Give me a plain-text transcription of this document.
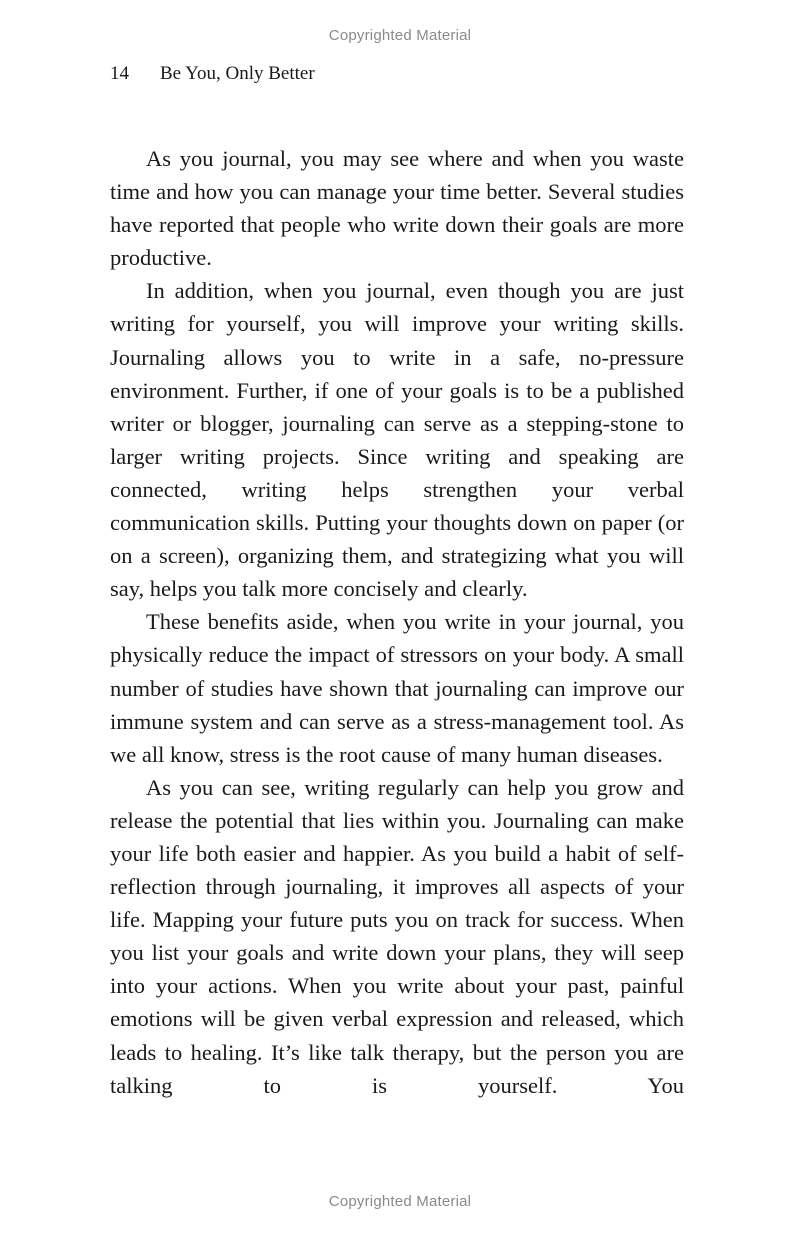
Copyrighted Material
14 Be You, Only Better

As you journal, you may see where and when you waste time and how you can manage your time better. Several studies have reported that people who write down their goals are more productive.

In addition, when you journal, even though you are just writing for yourself, you will improve your writing skills. Journaling allows you to write in a safe, no-pressure environment. Further, if one of your goals is to be a published writer or blogger, journaling can serve as a stepping-stone to larger writing projects. Since writing and speaking are connected, writing helps strengthen your verbal communication skills. Putting your thoughts down on paper (or on a screen), organizing them, and strategizing what you will say, helps you talk more concisely and clearly.

These benefits aside, when you write in your journal, you physically reduce the impact of stressors on your body. A small number of studies have shown that journaling can improve our immune system and can serve as a stress-management tool. As we all know, stress is the root cause of many human diseases.

As you can see, writing regularly can help you grow and release the potential that lies within you. Journaling can make your life both easier and happier. As you build a habit of self-reflection through journaling, it improves all aspects of your life. Mapping your future puts you on track for success. When you list your goals and write down your plans, they will seep into your actions. When you write about your past, painful emotions will be given verbal expression and released, which leads to healing. It’s like talk therapy, but the person you are talking to is yourself. You

Copyrighted Material
